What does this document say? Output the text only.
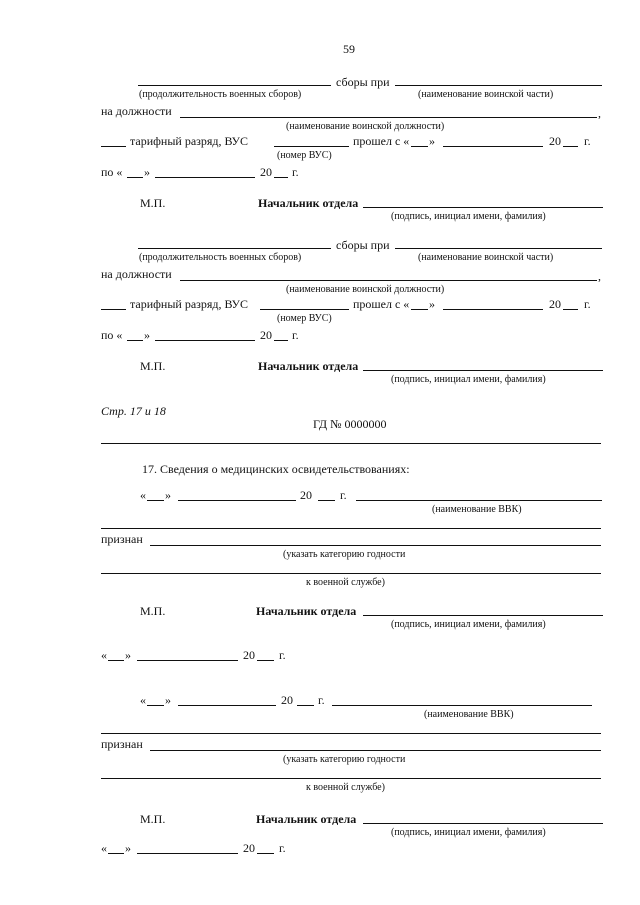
59
сборы при
(продолжительность военных сборов)	(наименование воинской части)
на должности	,
(наименование воинской должности)
тарифный разряд, ВУС	прошел с « »	20 г.
(номер ВУС)
по « »	20 г.
М.П.	Начальник отдела
(подпись, инициал имени, фамилия)
сборы при
(продолжительность военных сборов)	(наименование воинской части)
на должности	,
(наименование воинской должности)
тарифный разряд, ВУС	прошел с « »	20 г.
(номер ВУС)
по « »	20 г.
М.П.	Начальник отдела
(подпись, инициал имени, фамилия)
Стр. 17 и 18
ГД № 0000000
17. Сведения о медицинских освидетельствованиях:
« »	20 г.
(наименование ВВК)
признан
(указать категорию годности
к военной службе)
М.П.	Начальник отдела
(подпись, инициал имени, фамилия)
« »	20 г.
« »	20 г.
(наименование ВВК)
признан
(указать категорию годности
к военной службе)
М.П.	Начальник отдела
(подпись, инициал имени, фамилия)
« »	20 г.
